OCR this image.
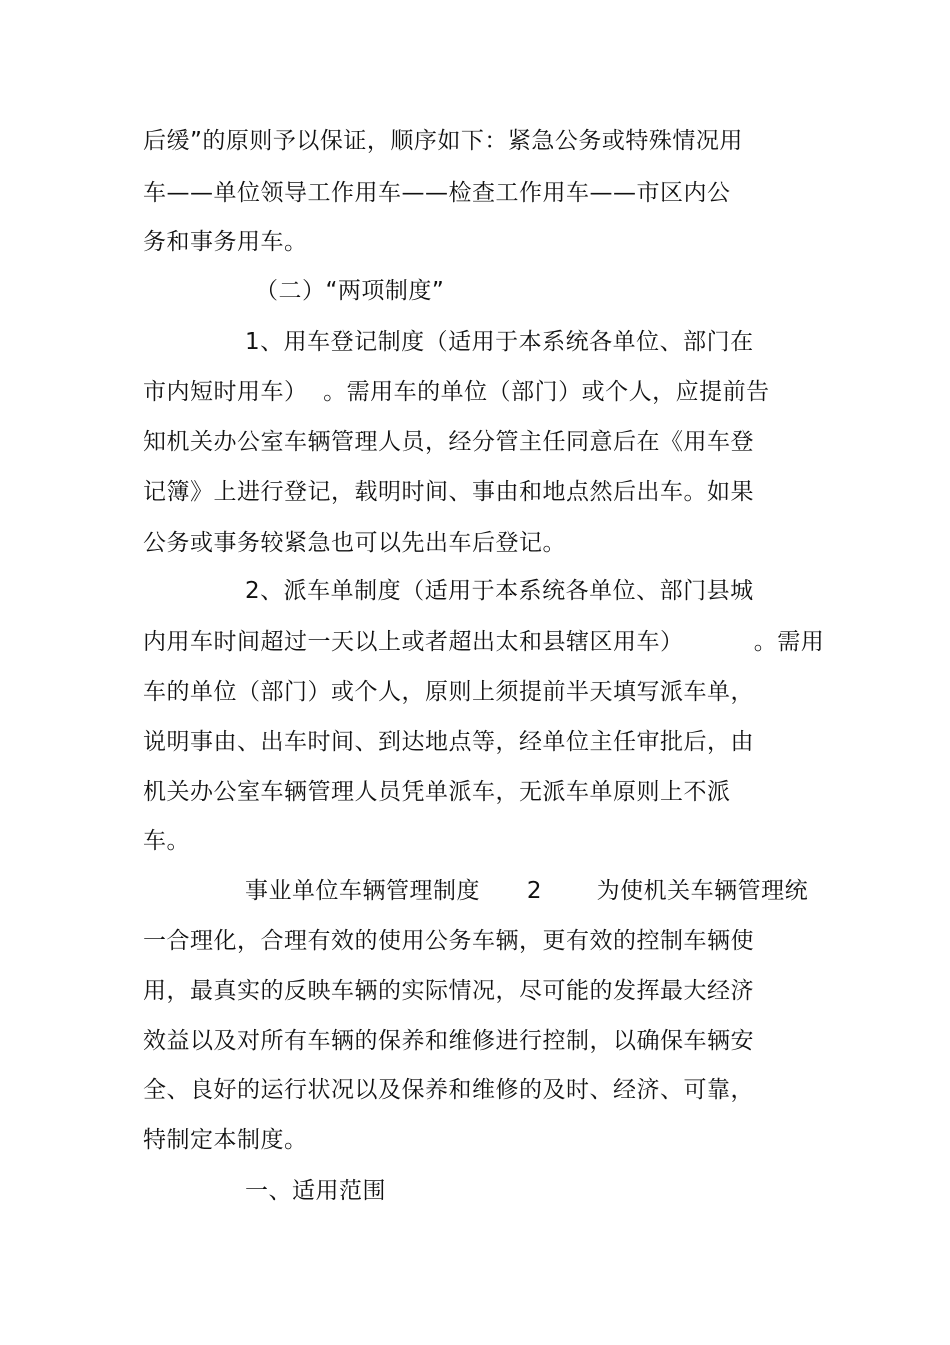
后缓”的原则予以保证，顺序如下：紧急公务或特殊情况用
车——单位领导工作用车——检查工作用车——市区内公
务和事务用车。
（二）“两项制度”
1、用车登记制度（适用于本系统各单位、部门在
市内短时用车）  。需用车的单位（部门）或个人，应提前告
知机关办公室车辆管理人员，经分管主任同意后在《用车登
记簿》上进行登记，载明时间、事由和地点然后出车。如果
公务或事务较紧急也可以先出车后登记。
2、派车单制度（适用于本系统各单位、部门县城
内用车时间超过一天以上或者超出太和县辖区用车）         。需用
车的单位（部门）或个人，原则上须提前半天填写派车单，
说明事由、出车时间、到达地点等，经单位主任审批后，由
机关办公室车辆管理人员凭单派车，无派车单原则上不派
车。
事业单位车辆管理制度      2       为使机关车辆管理统
一合理化，合理有效的使用公务车辆，更有效的控制车辆使
用，最真实的反映车辆的实际情况，尽可能的发挥最大经济
效益以及对所有车辆的保养和维修进行控制，以确保车辆安
全、良好的运行状况以及保养和维修的及时、经济、可靠，
特制定本制度。
一、适用范围
